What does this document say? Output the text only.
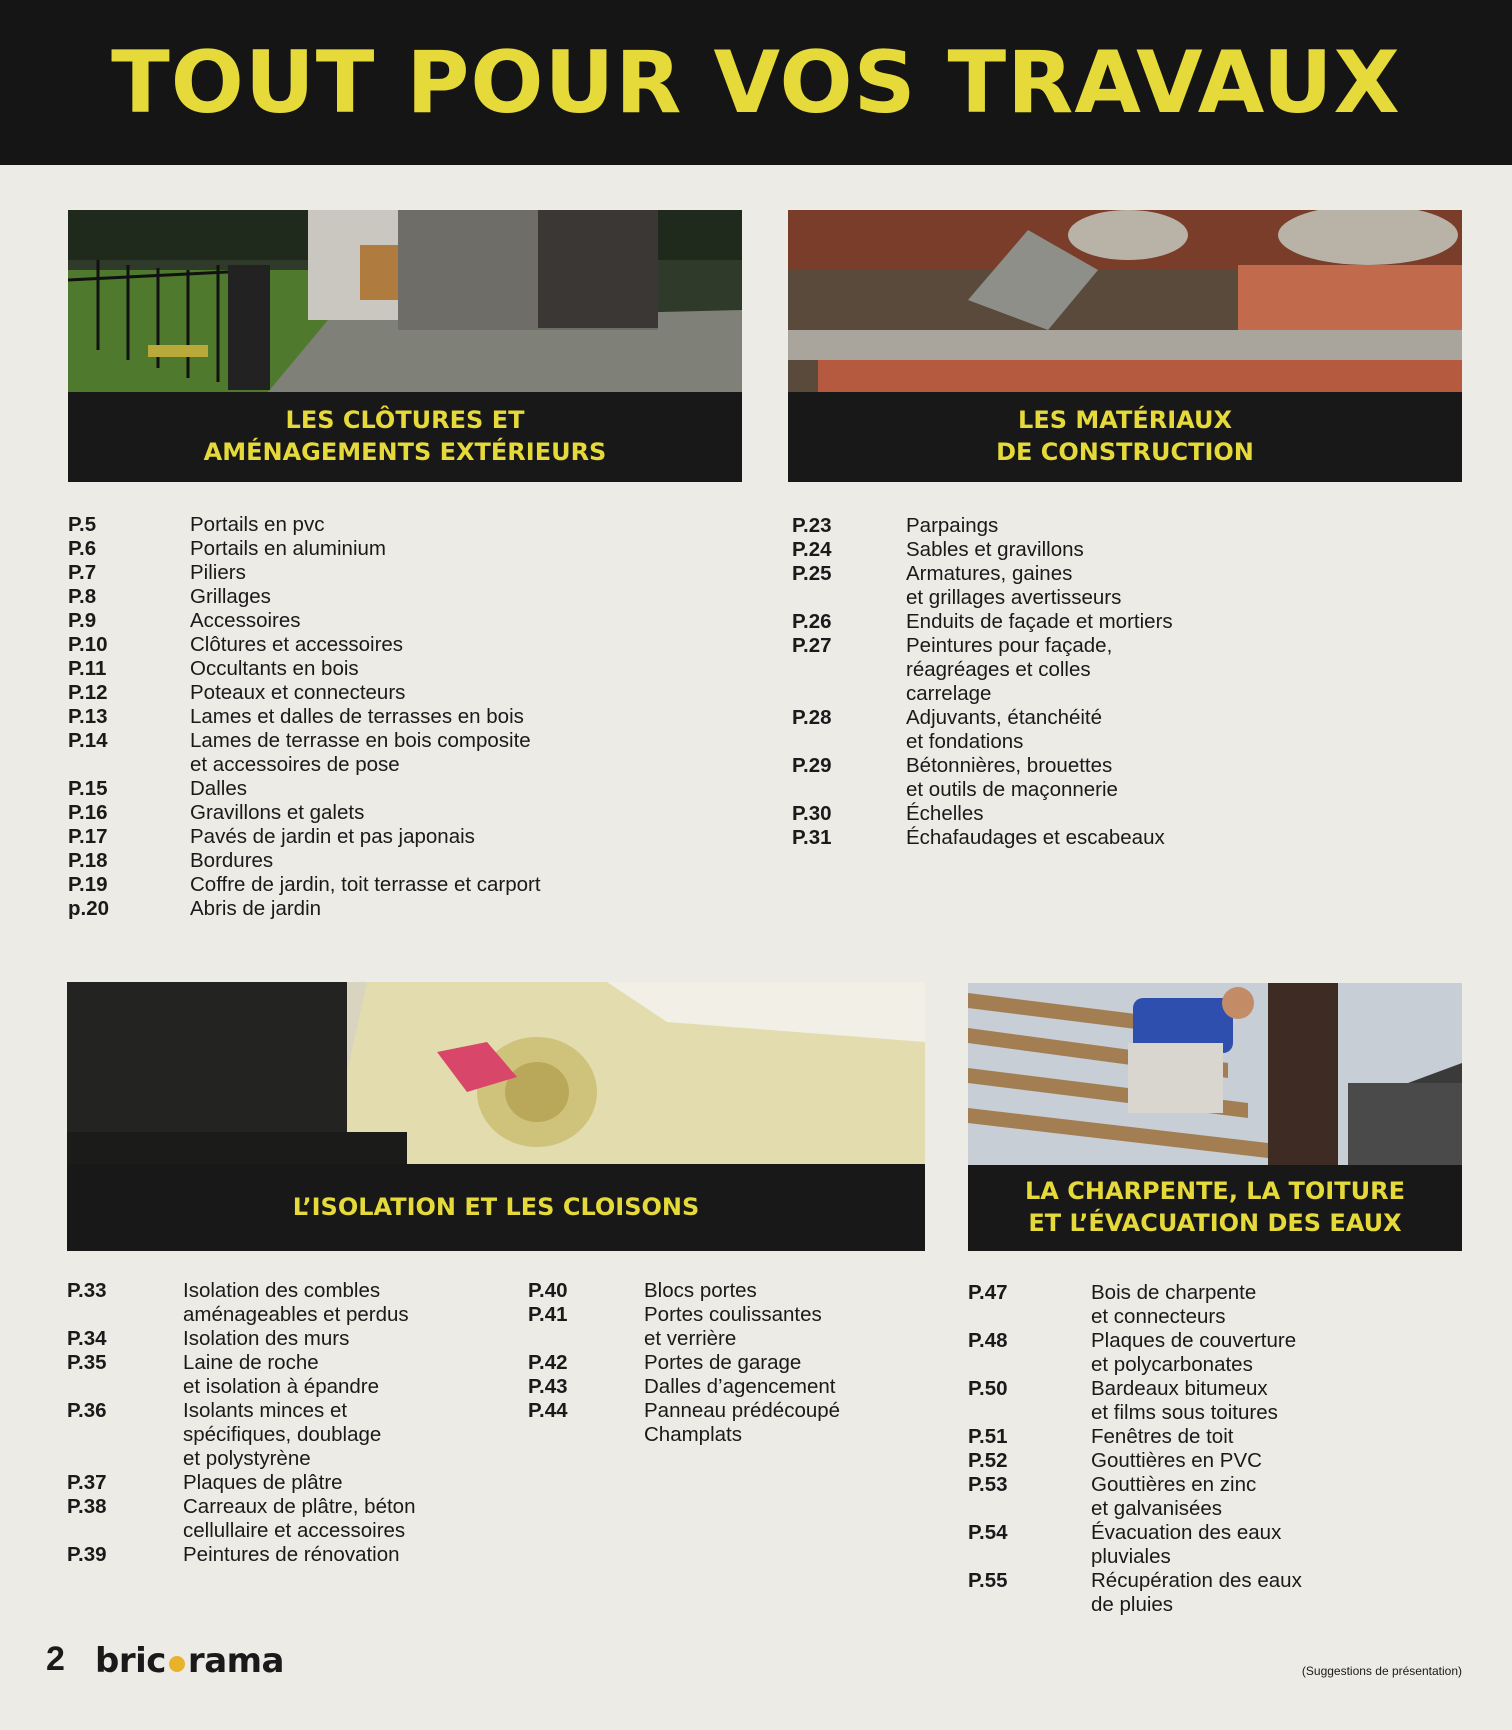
TOUT POUR VOS TRAVAUX
LES CLÔTURES ET
AMÉNAGEMENTS EXTÉRIEURS
LES MATÉRIAUX
DE CONSTRUCTION
P.5	Portails en pvc
P.6	Portails en aluminium
P.7	Piliers
P.8	Grillages
P.9	Accessoires
P.10	Clôtures et accessoires
P.11	Occultants en bois
P.12	Poteaux et connecteurs
P.13	Lames et dalles de terrasses en bois
P.14	Lames de terrasse en bois composite
et accessoires de pose
P.15	Dalles
P.16	Gravillons et galets
P.17	Pavés de jardin et pas japonais
P.18	Bordures
P.19	Coffre de jardin, toit terrasse et carport
p.20	Abris de jardin
P.23	Parpaings
P.24	Sables et gravillons
P.25	Armatures, gaines
et grillages avertisseurs
P.26	Enduits de façade et mortiers
P.27	Peintures pour façade,
réagréages et colles
carrelage
P.28	Adjuvants, étanchéité
et fondations
P.29	Bétonnières, brouettes
et outils de maçonnerie
P.30	Échelles
P.31	Échafaudages et escabeaux
L’ISOLATION ET LES CLOISONS
LA CHARPENTE, LA TOITURE
ET L’ÉVACUATION DES EAUX
P.33	Isolation des combles
aménageables et perdus
P.34	Isolation des murs
P.35	Laine de roche
et isolation à épandre
P.36	Isolants minces et
spécifiques, doublage
et polystyrène
P.37	Plaques de plâtre
P.38	Carreaux de plâtre, béton
cellullaire et accessoires
P.39	Peintures de rénovation
P.40	Blocs portes
P.41	Portes coulissantes
et verrière
P.42	Portes de garage
P.43	Dalles d’agencement
P.44	Panneau prédécoupé
Champlats
P.47	Bois de charpente
et connecteurs
P.48	Plaques de couverture
et polycarbonates
P.50	Bardeaux bitumeux
et films sous toitures
P.51	Fenêtres de toit
P.52	Gouttières en PVC
P.53	Gouttières en zinc
et galvanisées
P.54	Évacuation des eaux
pluviales
P.55	Récupération des eaux
de pluies
2 bric rama	(Suggestions de présentation)
